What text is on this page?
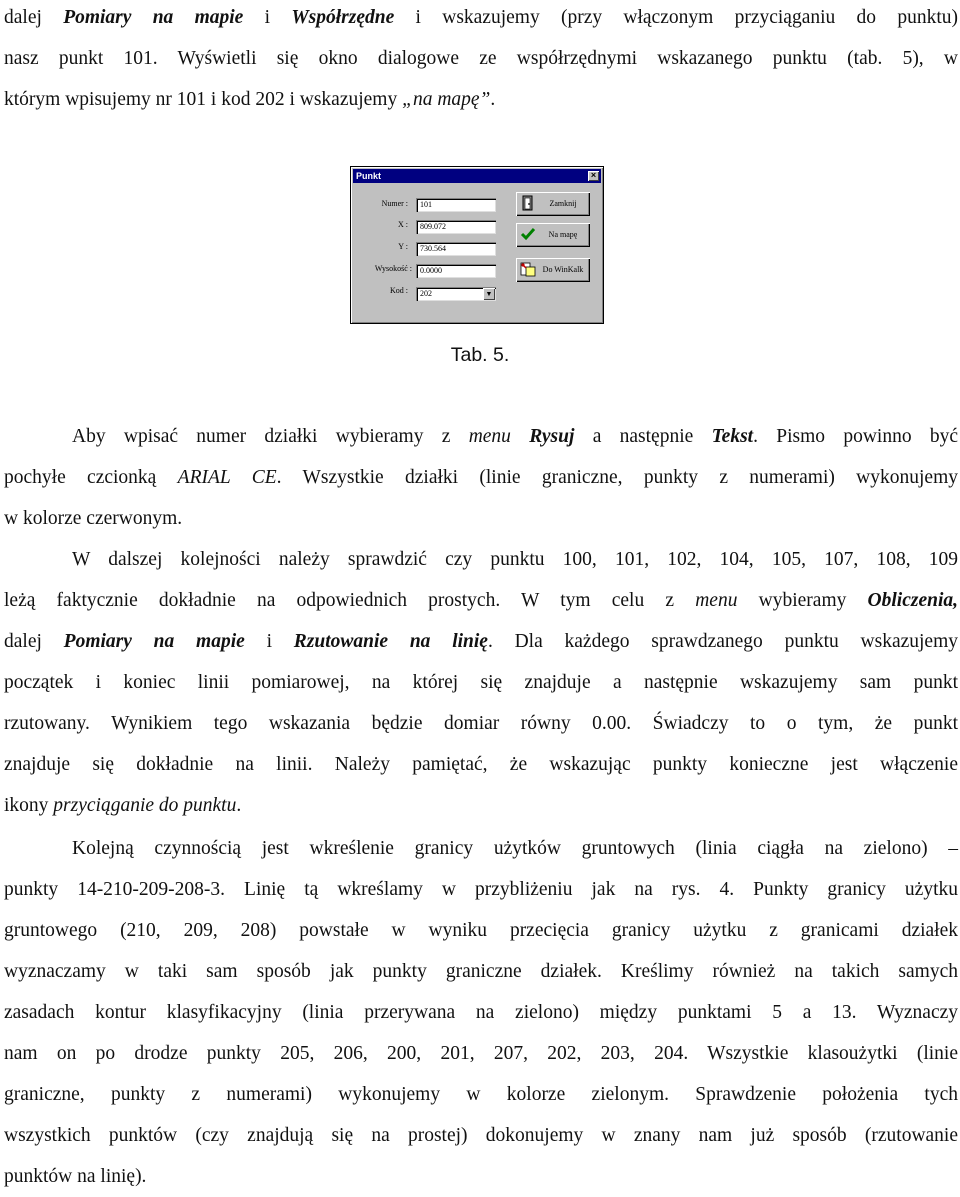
dalej Pomiary na mapie i Współrzędne i wskazujemy (przy włączonym przyciąganiu do punktu)
nasz punkt 101. Wyświetli się okno dialogowe ze współrzędnymi wskazanego punktu (tab. 5), w
którym wpisujemy nr 101 i kod 202 i wskazujemy „na mapę”.
Punkt	×
Numer :	101
X :	809.072
Y :	730.564
Wysokość :	0.0000
Kod :	202	▼
Zamknij
Na mapę
Do WinKalk
Tab. 5.
Aby wpisać numer działki wybieramy z menu Rysuj a następnie Tekst. Pismo powinno być
pochyłe czcionką ARIAL CE. Wszystkie działki (linie graniczne, punkty z numerami) wykonujemy
w kolorze czerwonym.
W dalszej kolejności należy sprawdzić czy punktu 100, 101, 102, 104, 105, 107, 108, 109
leżą faktycznie dokładnie na odpowiednich prostych. W tym celu z menu wybieramy Obliczenia,
dalej Pomiary na mapie i Rzutowanie na linię. Dla każdego sprawdzanego punktu wskazujemy
początek i koniec linii pomiarowej, na której się znajduje a następnie wskazujemy sam punkt
rzutowany. Wynikiem tego wskazania będzie domiar równy 0.00. Świadczy to o tym, że punkt
znajduje się dokładnie na linii. Należy pamiętać, że wskazując punkty konieczne jest włączenie
ikony przyciąganie do punktu.
Kolejną czynnością jest wkreślenie granicy użytków gruntowych (linia ciągła na zielono) –
punkty 14-210-209-208-3. Linię tą wkreślamy w przybliżeniu jak na rys. 4. Punkty granicy użytku
gruntowego (210, 209, 208) powstałe w wyniku przecięcia granicy użytku z granicami działek
wyznaczamy w taki sam sposób jak punkty graniczne działek. Kreślimy również na takich samych
zasadach kontur klasyfikacyjny (linia przerywana na zielono) między punktami 5 a 13. Wyznaczy
nam on po drodze punkty 205, 206, 200, 201, 207, 202, 203, 204. Wszystkie klasoużytki (linie
graniczne, punkty z numerami) wykonujemy w kolorze zielonym. Sprawdzenie położenia tych
wszystkich punktów (czy znajdują się na prostej) dokonujemy w znany nam już sposób (rzutowanie
punktów na linię).
